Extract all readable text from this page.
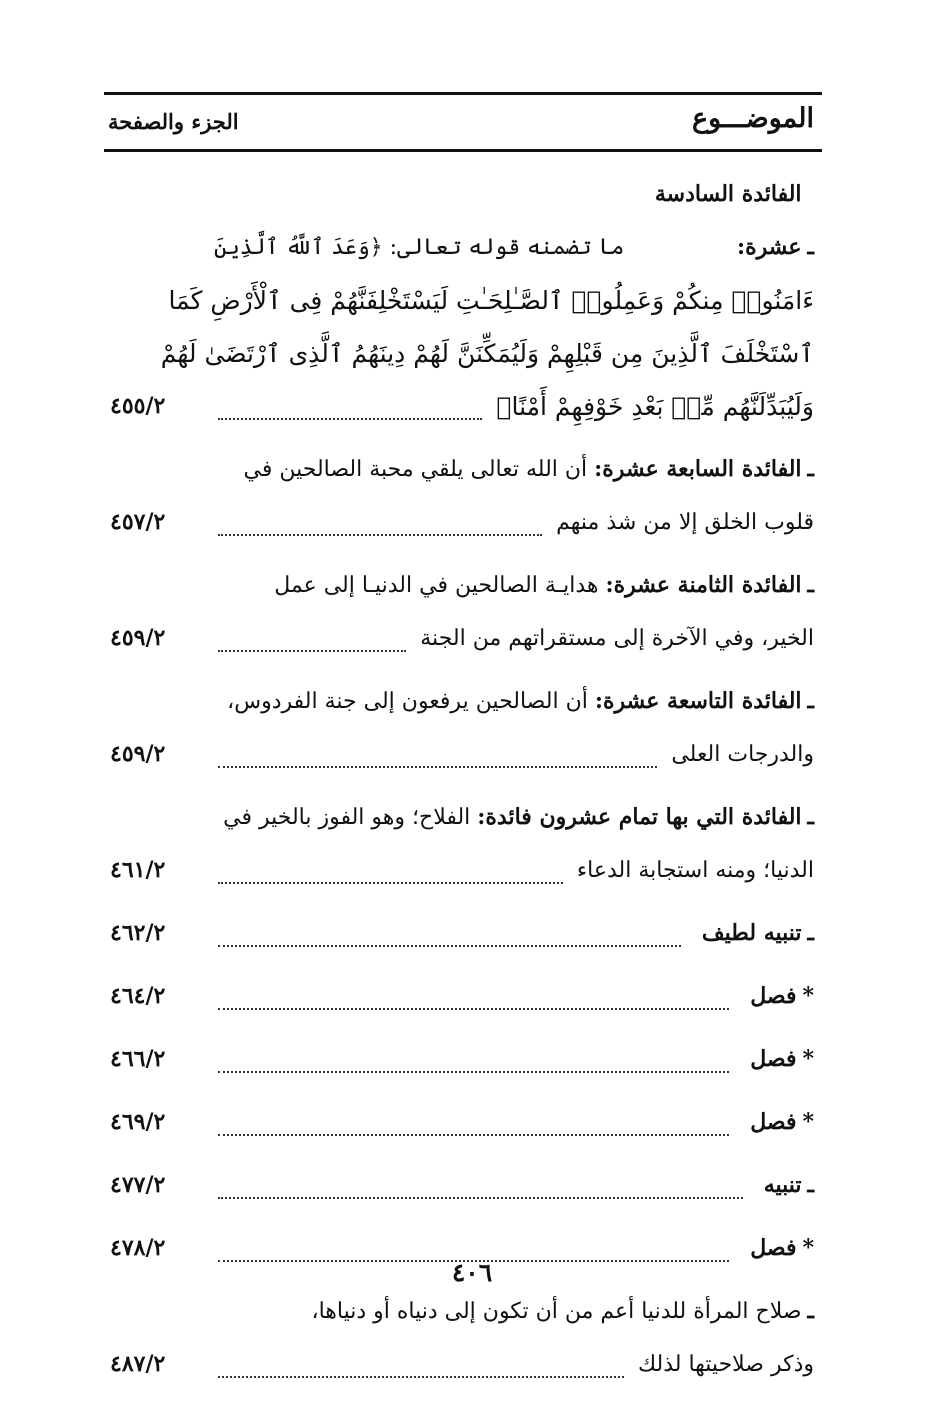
الموضـــوع
الجزء والصفحة
ـ
الفائدة السادسة عشرة:

ما تضمنه قوله تعالى: ﴿وَعَدَ ٱللَّهُ ٱلَّذِينَ
ءَامَنُوا۟ مِنكُمْ وَعَمِلُوا۟ ٱلصَّـٰلِحَـٰتِ لَيَسْتَخْلِفَنَّهُمْ فِى ٱلْأَرْضِ كَمَا
ٱسْتَخْلَفَ ٱلَّذِينَ مِن قَبْلِهِمْ وَلَيُمَكِّنَنَّ لَهُمْ دِينَهُمُ ٱلَّذِى ٱرْتَضَىٰ لَهُمْ
وَلَيُبَدِّلَنَّهُم مِّنۢ بَعْدِ خَوْفِهِمْ أَمْنًا﴾
٤٥٥/٢
ـ
الفائدة السابعة عشرة:

أن الله تعالى يلقي محبة الصالحين في
قلوب الخلق إلا من شذ منهم
٤٥٧/٢
ـ
الفائدة الثامنة عشرة:

هدايـة الصالحين في الدنيـا إلى عمل
الخير، وفي الآخرة إلى مستقراتهم من الجنة
٤٥٩/٢
ـ
الفائدة التاسعة عشرة:

أن الصالحين يرفعون إلى جنة الفردوس،
والدرجات العلى
٤٥٩/٢
ـ
الفائدة التي بها تمام عشرون فائدة:

الفلاح؛ وهو الفوز بالخير في
الدنيا؛ ومنه استجابة الدعاء
٤٦١/٢
ـ
تنبيه لطيف

٤٦٢/٢
*
فصل

٤٦٤/٢
*
فصل

٤٦٦/٢
*
فصل

٤٦٩/٢
ـ
تنبيه

٤٧٧/٢
*
فصل

٤٧٨/٢
ـ
صلاح المرأة للدنيا أعم من أن تكون إلى دنياه أو دنياها،
وذكر صلاحيتها لذلك
٤٨٧/٢
٤٠٦
